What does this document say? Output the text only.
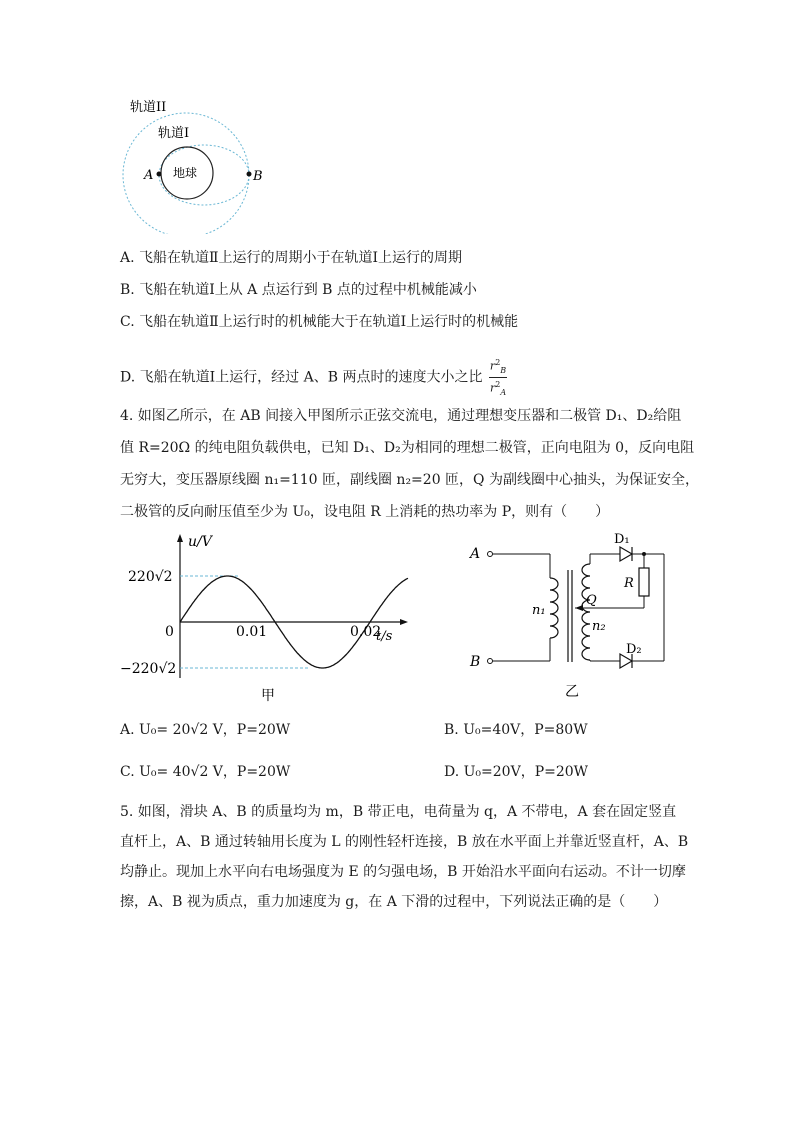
轨道II
轨道I
地球
A	B
A. 飞船在轨道Ⅱ上运行的周期小于在轨道Ⅰ上运行的周期
B. 飞船在轨道Ⅰ上从 A 点运行到 B 点的过程中机械能减小
C. 飞船在轨道Ⅱ上运行时的机械能大于在轨道Ⅰ上运行时的机械能
D. 飞船在轨道Ⅰ上运行，经过 A、B 两点时的速度大小之比 $\frac{r^2_B}{r^2_A}$
4. 如图乙所示，在 AB 间接入甲图所示正弦交流电，通过理想变压器和二极管 D₁、D₂给阻
值 R=20Ω 的纯电阻负载供电，已知 D₁、D₂为相同的理想二极管，正向电阻为 0，反向电阻
无穷大，变压器原线圈 n₁=110 匝，副线圈 n₂=20 匝，Q 为副线圈中心抽头，为保证安全，
二极管的反向耐压值至少为 U₀，设电阻 R 上消耗的热功率为 P，则有（　　）
u/V
t/s
220√2
−220√2
0	0.01	0.02
甲
A
B
D₁
R
Q
D₂
n₁
n₂
乙
A. U₀= 20√2 V，P=20W	B. U₀=40V，P=80W
C. U₀= 40√2 V，P=20W	D. U₀=20V，P=20W
5. 如图，滑块 A、B 的质量均为 m，B 带正电，电荷量为 q，A 不带电，A 套在固定竖直
直杆上，A、B 通过转轴用长度为 L 的刚性轻杆连接，B 放在水平面上并靠近竖直杆，A、B
均静止。现加上水平向右电场强度为 E 的匀强电场，B 开始沿水平面向右运动。不计一切摩
擦，A、B 视为质点，重力加速度为 g，在 A 下滑的过程中，下列说法正确的是（　　）
